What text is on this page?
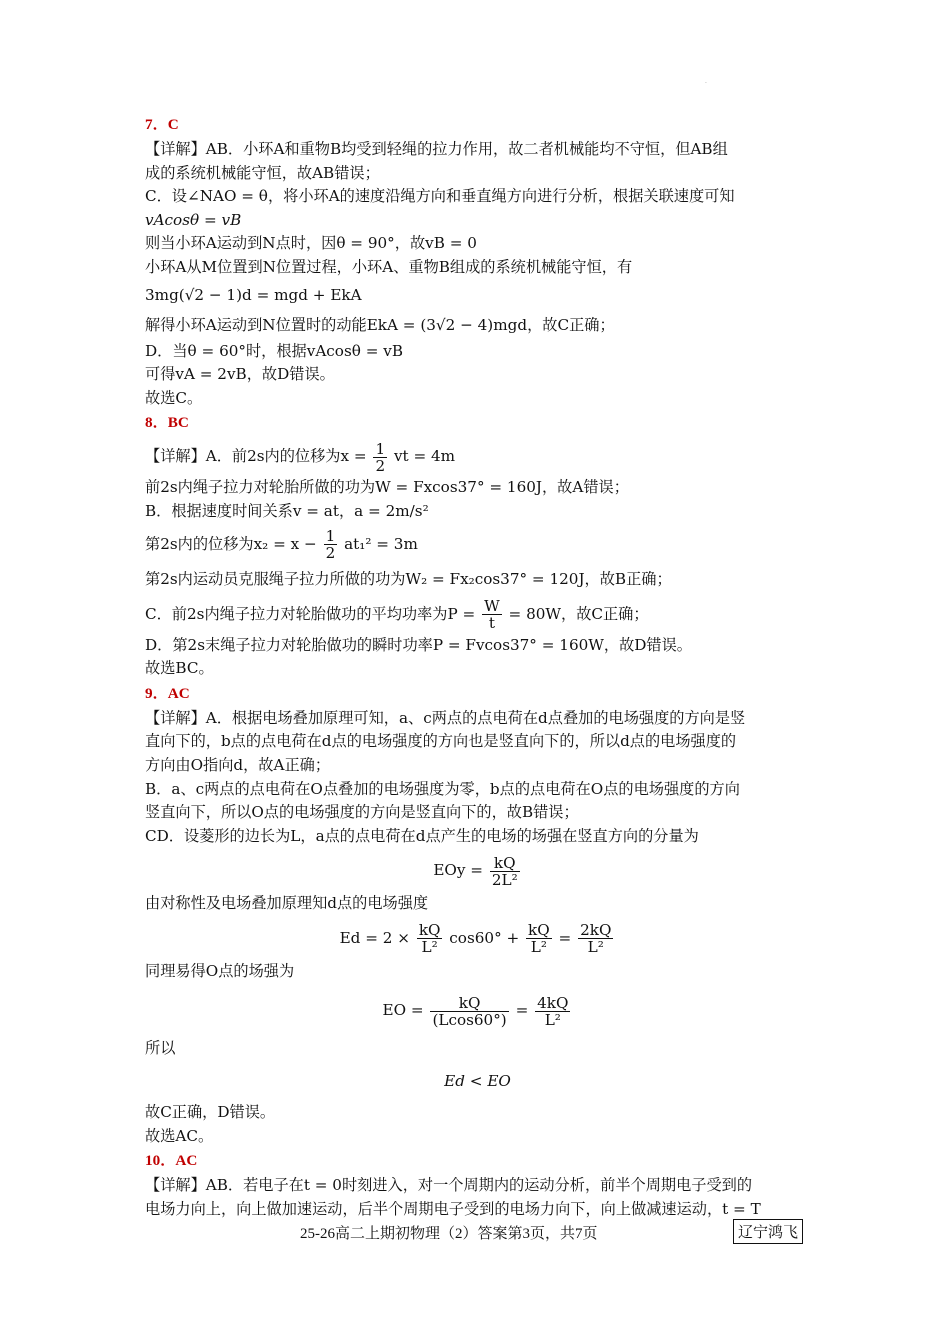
·

7．C

【详解】AB．小环A和重物B均受到轻绳的拉力作用，故二者机械能均不守恒，但AB组

成的系统机械能守恒，故AB错误；

C．设∠NAO = θ，将小环A的速度沿绳方向和垂直绳方向进行分析，根据关联速度可知

vAcosθ = vB

则当小环A运动到N点时，因θ = 90°，故vB = 0

小环A从M位置到N位置过程，小环A、重物B组成的系统机械能守恒，有

3mg(√2 − 1)d = mgd + EkA

解得小环A运动到N位置时的动能EkA = (3√2 − 4)mgd，故C正确；

D．当θ = 60°时，根据vAcosθ = vB

可得vA = 2vB，故D错误。

故选C。

8．BC

【详解】A．前2s内的位移为$x = \frac{1}{2}$ vt = 4m

前2s内绳子拉力对轮胎所做的功为W = Fxcos37° = 160J，故A错误；

B．根据速度时间关系v = at，a = 2m/s²

第2s内的位移为$x_2 = x - \frac{1}{2} at_1^2 = 3m$

第2s内运动员克服绳子拉力所做的功为W₂ = Fx₂cos37° = 120J，故B正确；

C．前2s内绳子拉力对轮胎做功的平均功率为$P = \frac{W}{t} = 80W$，故C正确；

D．第2s末绳子拉力对轮胎做功的瞬时功率P = Fvcos37° = 160W，故D错误。

故选BC。

9．AC

【详解】A．根据电场叠加原理可知，a、c两点的点电荷在d点叠加的电场强度的方向是竖

直向下的，b点的点电荷在d点的电场强度的方向也是竖直向下的，所以d点的电场强度的

方向由O指向d，故A正确；

B．a、c两点的点电荷在O点叠加的电场强度为零，b点的点电荷在O点的电场强度的方向

竖直向下，所以O点的电场强度的方向是竖直向下的，故B错误；

CD．设菱形的边长为L，a点的点电荷在d点产生的电场的场强在竖直方向的分量为

EOy = $\frac{kQ}{\text{2L²}}$

由对称性及电场叠加原理知d点的电场强度

$Ed = 2 \times \frac{kQ}{\text{L²}} \cos 60^\circ + \frac{kQ}{\text{L²}} = \frac{2kQ}{\text{L²}}$

同理易得O点的场强为

EO = $\frac{kQ}{(Lcos60^\circ)} = \frac{4kQ}{\text{L²}}$

所以

Ed < EO

故C正确，D错误。

故选AC。

10．AC

【详解】AB．若电子在t = 0时刻进入，对一个周期内的运动分析，前半个周期电子受到的

电场力向上，向上做加速运动，后半个周期电子受到的电场力向下，向上做减速运动，t = T

25-26高二上期初物理（2）答案第3页，共7页	辽宁鸿飞
